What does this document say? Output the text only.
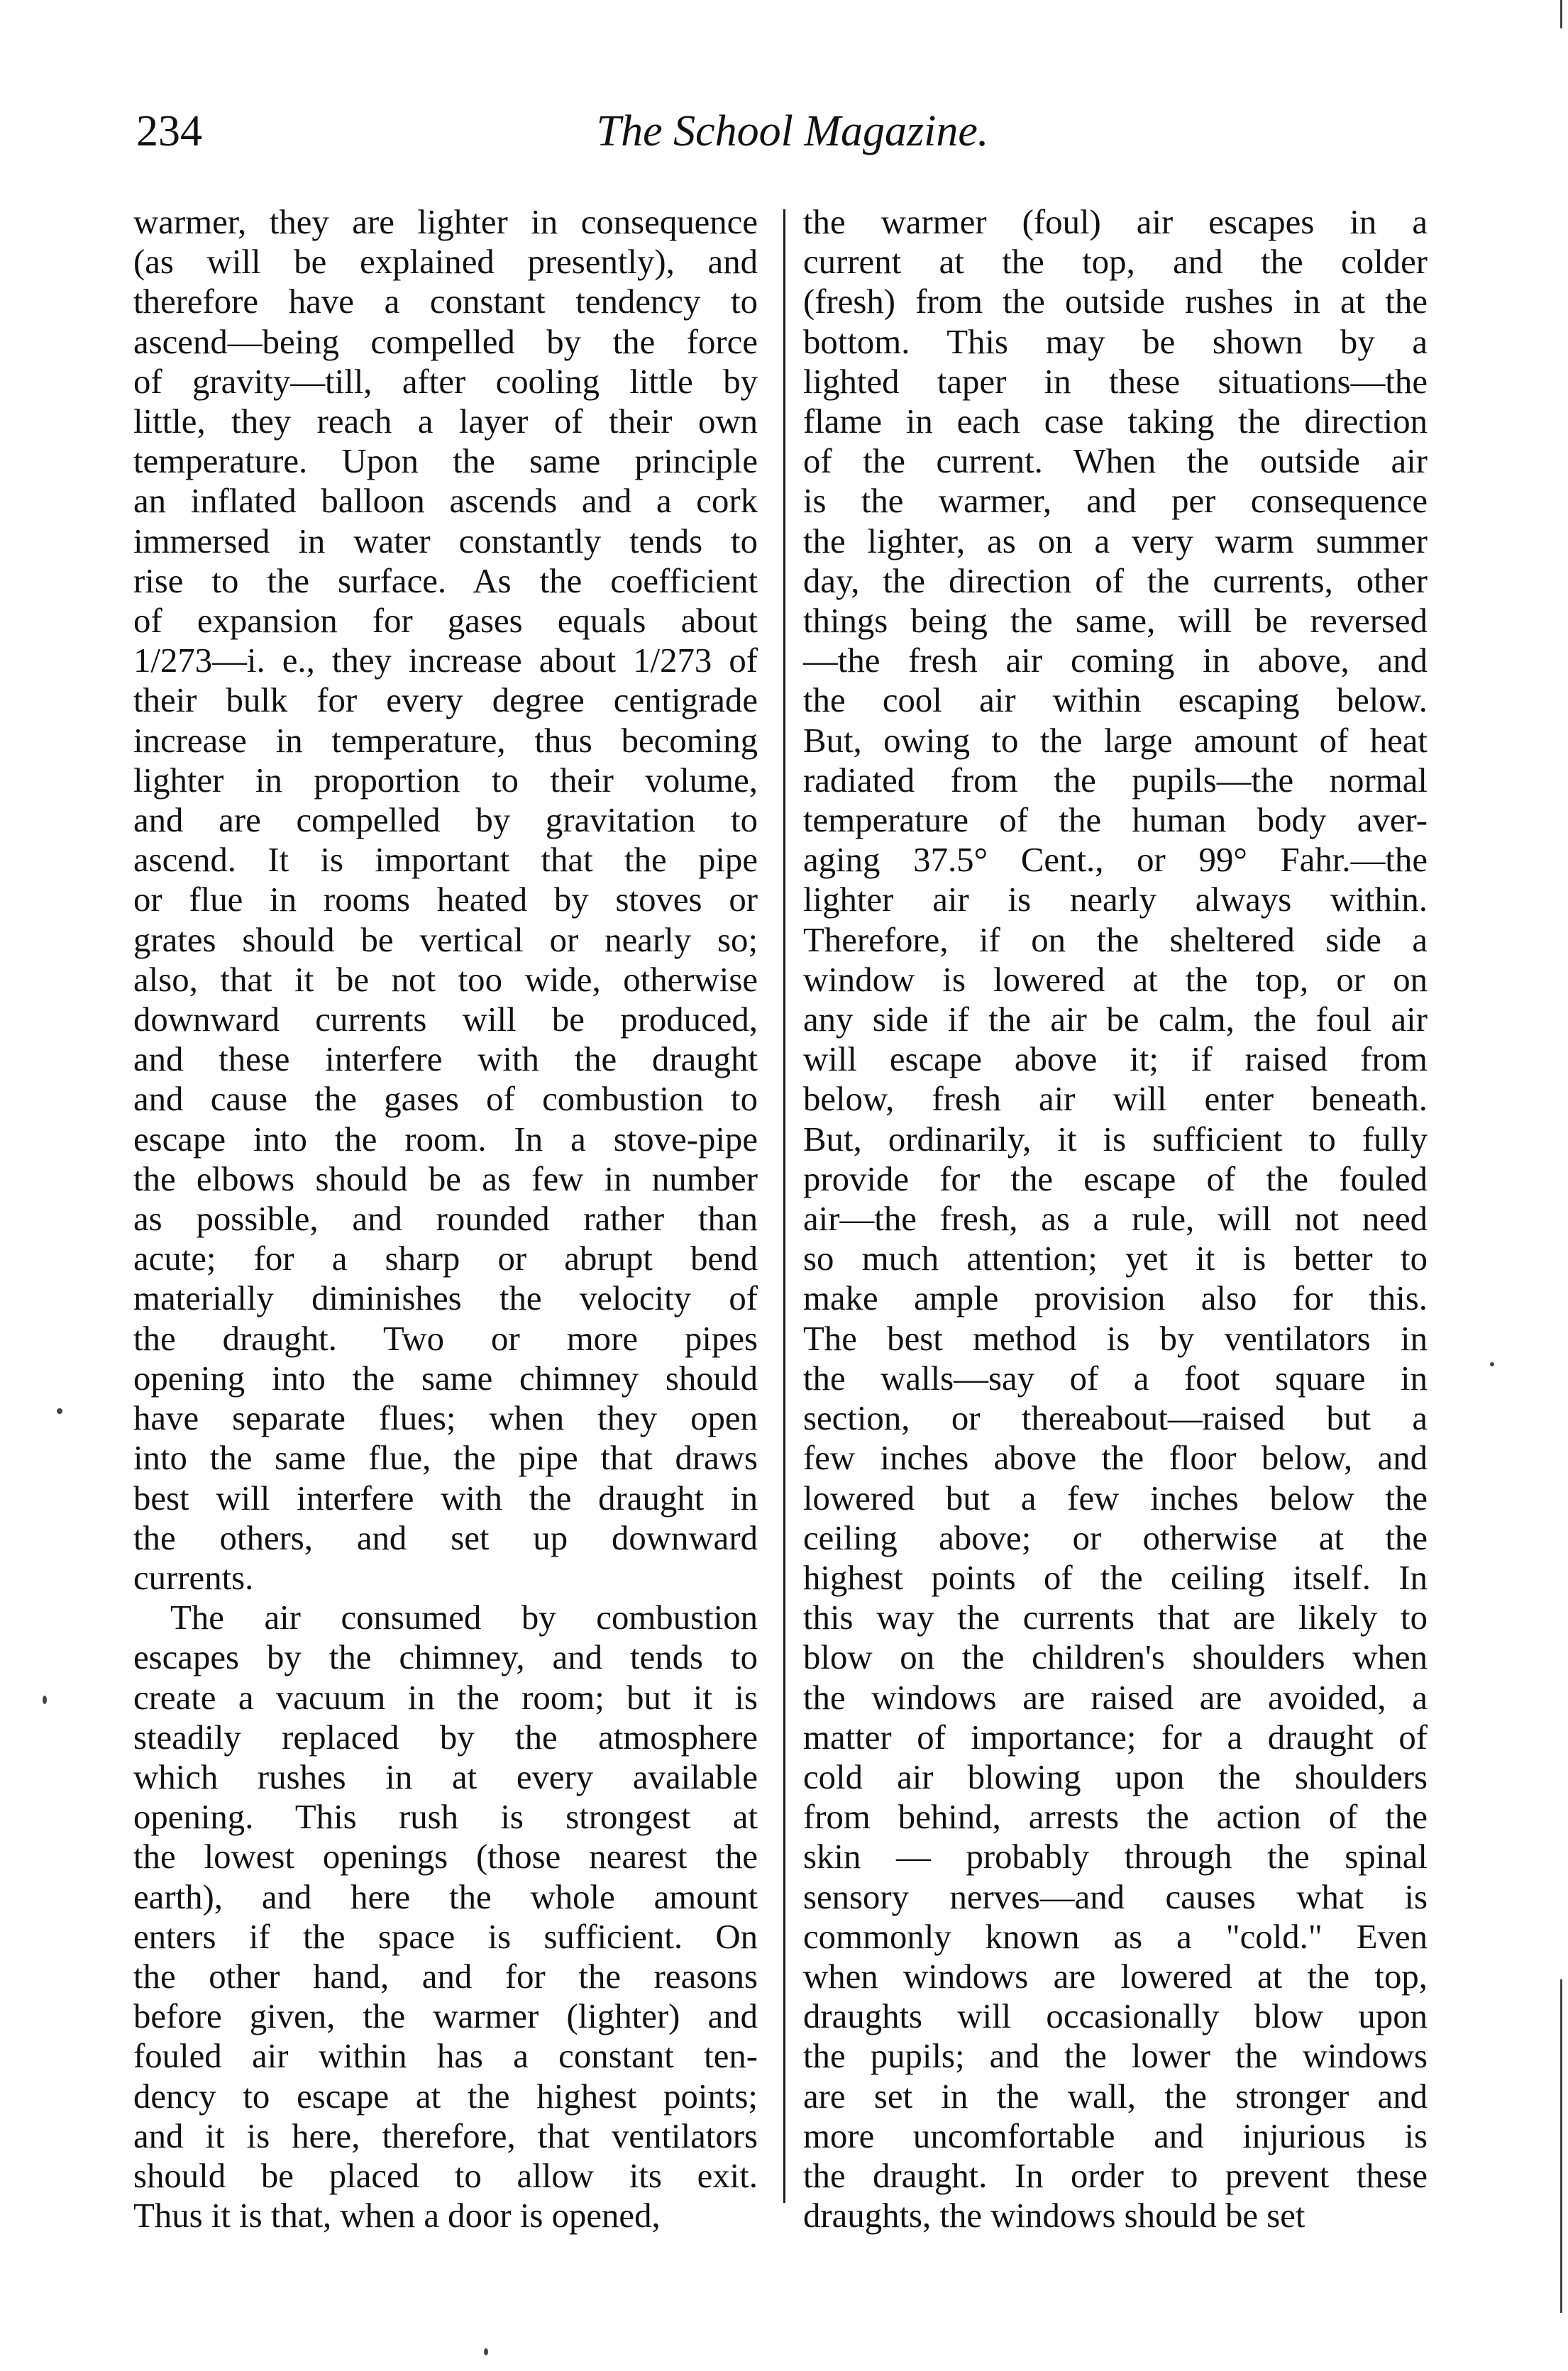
234	The School Magazine.
warmer, they are lighter in consequence
(as will be explained presently), and
therefore have a constant tendency to
ascend—being compelled by the force
of gravity—till, after cooling little by
little, they reach a layer of their own
temperature. Upon the same principle
an inflated balloon ascends and a cork
immersed in water constantly tends to
rise to the surface. As the coefficient
of expansion for gases equals about
1/273—i. e., they increase about 1/273 of
their bulk for every degree centigrade
increase in temperature, thus becoming
lighter in proportion to their volume,
and are compelled by gravitation to
ascend. It is important that the pipe
or flue in rooms heated by stoves or
grates should be vertical or nearly so;
also, that it be not too wide, otherwise
downward currents will be produced,
and these interfere with the draught
and cause the gases of combustion to
escape into the room. In a stove-pipe
the elbows should be as few in number
as possible, and rounded rather than
acute; for a sharp or abrupt bend
materially diminishes the velocity of
the draught. Two or more pipes
opening into the same chimney should
have separate flues; when they open
into the same flue, the pipe that draws
best will interfere with the draught in
the others, and set up downward
currents.
The air consumed by combustion
escapes by the chimney, and tends to
create a vacuum in the room; but it is
steadily replaced by the atmosphere
which rushes in at every available
opening. This rush is strongest at
the lowest openings (those nearest the
earth), and here the whole amount
enters if the space is sufficient. On
the other hand, and for the reasons
before given, the warmer (lighter) and
fouled air within has a constant ten-
dency to escape at the highest points;
and it is here, therefore, that ventilators
should be placed to allow its exit.
Thus it is that, when a door is opened,
the warmer (foul) air escapes in a
current at the top, and the colder
(fresh) from the outside rushes in at the
bottom. This may be shown by a
lighted taper in these situations—the
flame in each case taking the direction
of the current. When the outside air
is the warmer, and per consequence
the lighter, as on a very warm summer
day, the direction of the currents, other
things being the same, will be reversed
—the fresh air coming in above, and
the cool air within escaping below.
But, owing to the large amount of heat
radiated from the pupils—the normal
temperature of the human body aver-
aging 37.5° Cent., or 99° Fahr.—the
lighter air is nearly always within.
Therefore, if on the sheltered side a
window is lowered at the top, or on
any side if the air be calm, the foul air
will escape above it; if raised from
below, fresh air will enter beneath.
But, ordinarily, it is sufficient to fully
provide for the escape of the fouled
air—the fresh, as a rule, will not need
so much attention; yet it is better to
make ample provision also for this.
The best method is by ventilators in
the walls—say of a foot square in
section, or thereabout—raised but a
few inches above the floor below, and
lowered but a few inches below the
ceiling above; or otherwise at the
highest points of the ceiling itself. In
this way the currents that are likely to
blow on the children's shoulders when
the windows are raised are avoided, a
matter of importance; for a draught of
cold air blowing upon the shoulders
from behind, arrests the action of the
skin — probably through the spinal
sensory nerves—and causes what is
commonly known as a "cold." Even
when windows are lowered at the top,
draughts will occasionally blow upon
the pupils; and the lower the windows
are set in the wall, the stronger and
more uncomfortable and injurious is
the draught. In order to prevent these
draughts, the windows should be set
